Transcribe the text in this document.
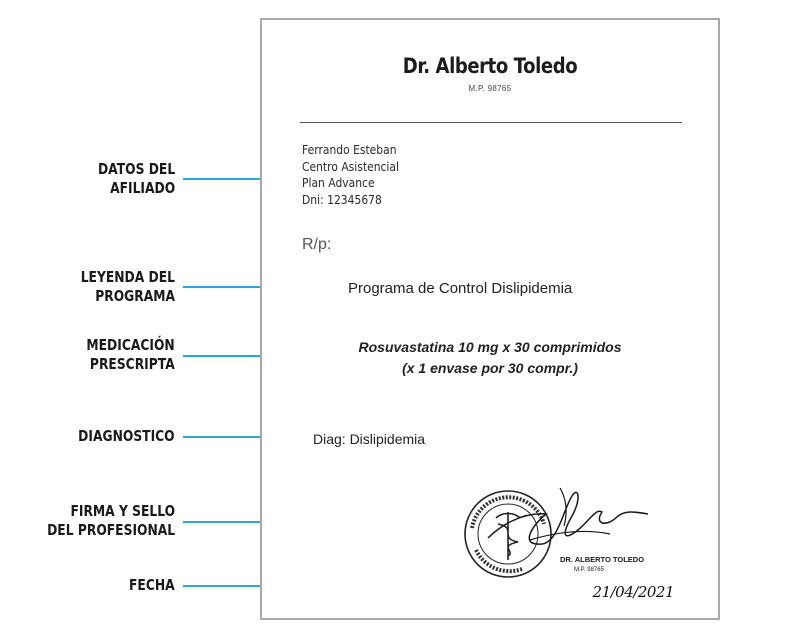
DATOS DEL
AFILIADO
LEYENDA DEL
PROGRAMA
MEDICACIÓN
PRESCRIPTA
DIAGNOSTICO
FIRMA Y SELLO
DEL PROFESIONAL
FECHA
Dr. Alberto Toledo
M.P. 98765
Ferrando Esteban
Centro Asistencial
Plan Advance
Dni: 12345678
R/p:
Programa de Control Dislipidemia
Rosuvastatina 10 mg x 30 comprimidos
(x 1 envase por 30 compr.)
Diag: Dislipidemia
DR. ALBERTO TOLEDO
M.P. 98765
21/04/2021
